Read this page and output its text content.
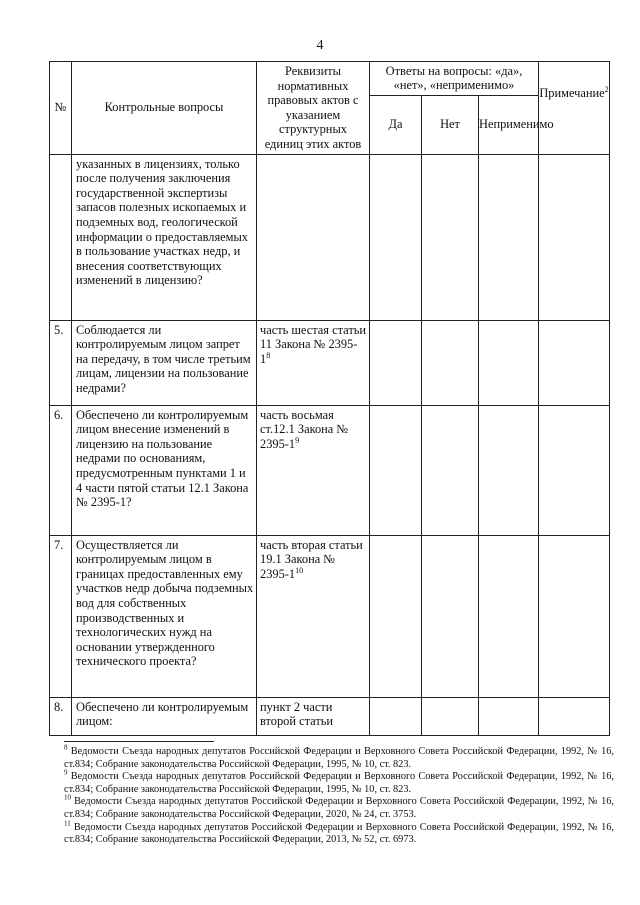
4
№	Контрольные вопросы	Реквизиты нормативных правовых актов с указанием структурных единиц этих актов	Ответы на вопросы: «да», «нет», «неприменимо»			Примечание$^2$
			Да	Нет	Неприменимо	
	указанных в лицензиях, только после получения заключения государственной экспертизы запасов полезных ископаемых и подземных вод, геологической информации о предоставляемых в пользование участках недр, и внесения соответствующих изменений в лицензию?					
5.	Соблюдается ли контролируемым лицом запрет на передачу, в том числе третьим лицам, лицензии на пользование недрами?	часть шестая статьи 11 Закона № $2395-1^8$				
6.	Обеспечено ли контролируемым лицом внесение изменений в лицензию на пользование недрами по основаниям, предусмотренным пунктами 1 и 4 части пятой статьи 12.1 Закона № 2395-1?	часть восьмая ст.12.1 Закона № $2395-1^9$				
7.	Осуществляется ли контролируемым лицом в границах предоставленных ему участков недр добыча подземных вод для собственных производственных и технологических нужд на основании утвержденного технического проекта?	часть вторая статьи 19.1 Закона № $2395-1^{10}$				
8.	Обеспечено ли контролируемым лицом:	пункт 2 части второй статьи				

$^8$ Ведомости Съезда народных депутатов Российской Федерации и Верховного Совета Российской Федерации, 1992, № 16, ст.834; Собрание законодательства Российской Федерации, 1995, № 10, ст. 823.

$^9$ Ведомости Съезда народных депутатов Российской Федерации и Верховного Совета Российской Федерации, 1992, № 16, ст.834; Собрание законодательства Российской Федерации, 1995, № 10, ст. 823.

$^{10}$ Ведомости Съезда народных депутатов Российской Федерации и Верховного Совета Российской Федерации, 1992, № 16, ст.834; Собрание законодательства Российской Федерации, 2020, № 24, ст. 3753.

$^{11}$ Ведомости Съезда народных депутатов Российской Федерации и Верховного Совета Российской Федерации, 1992, № 16, ст.834; Собрание законодательства Российской Федерации, 2013, № 52, ст. 6973.
